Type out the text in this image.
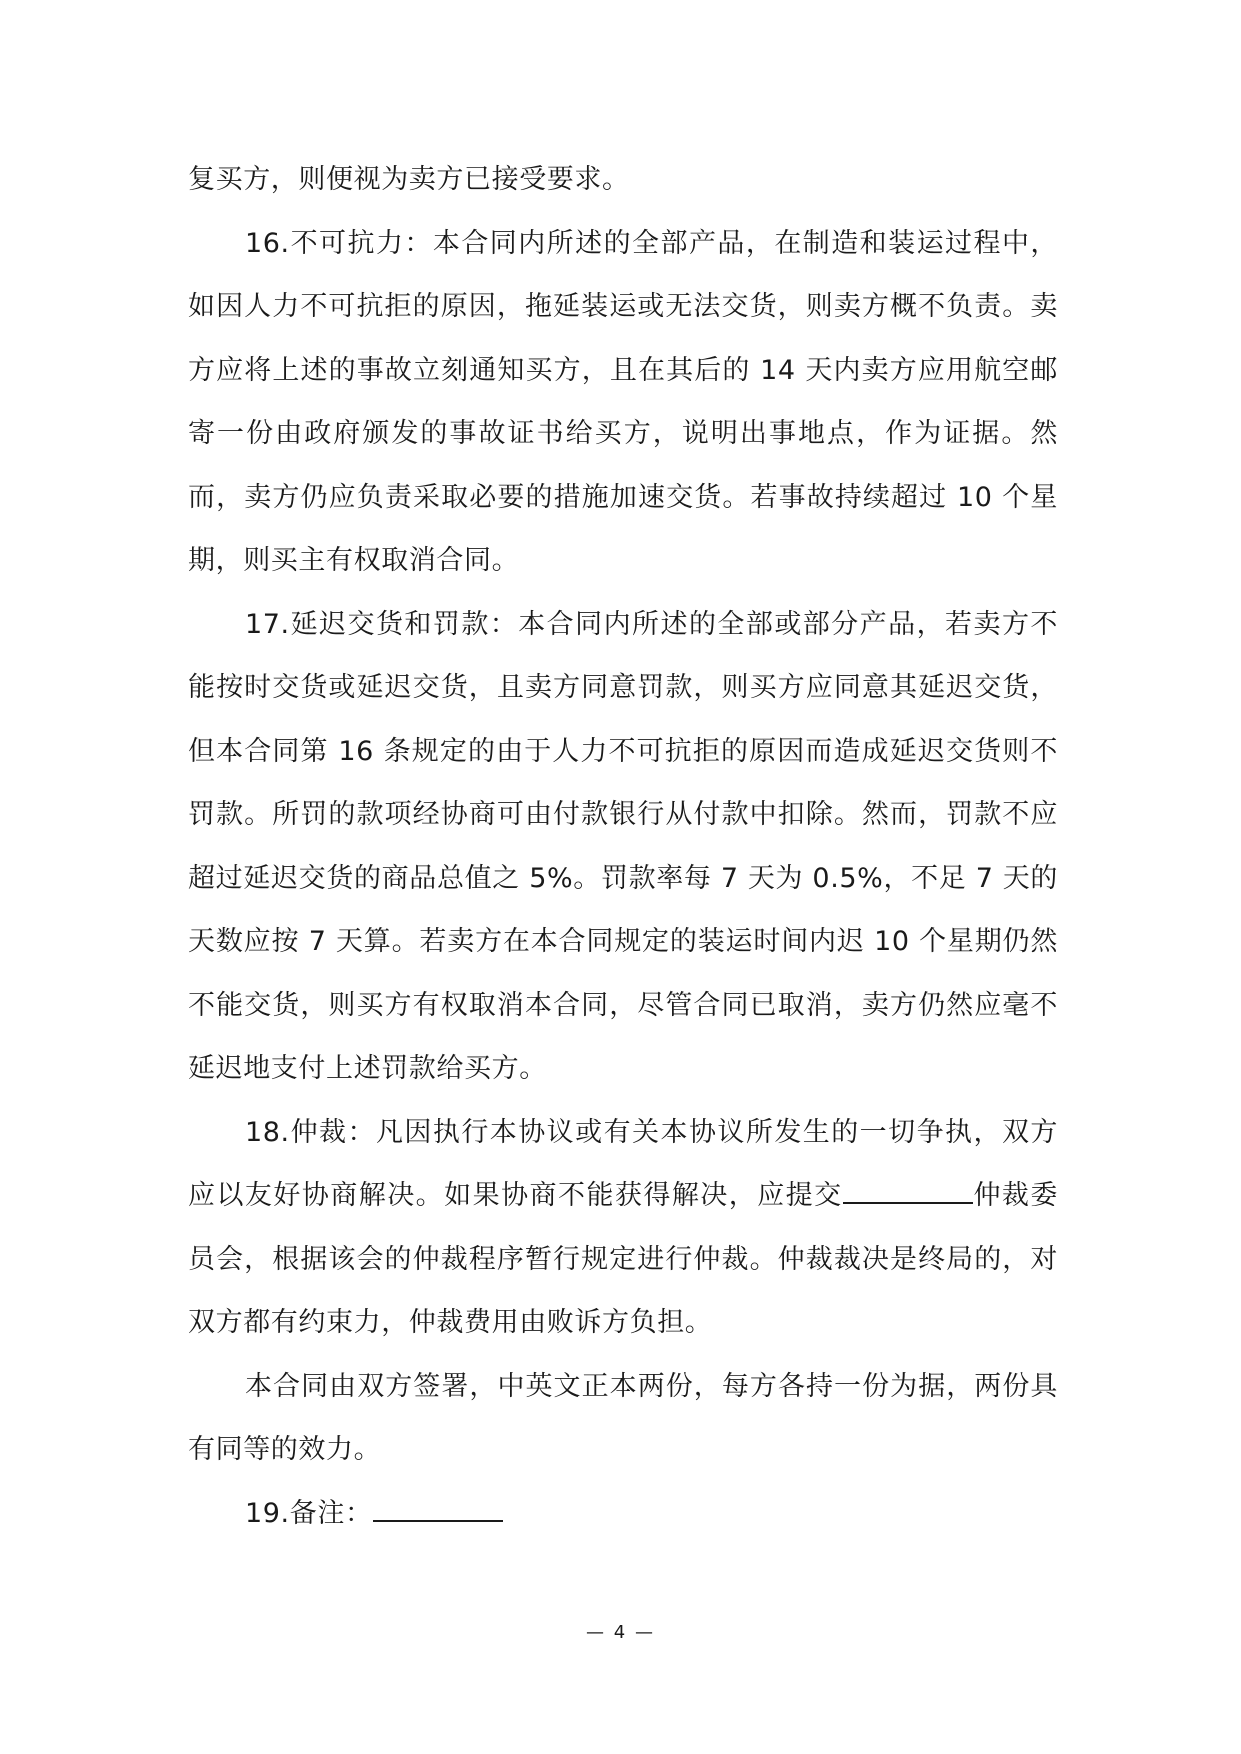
复买方，则便视为卖方已接受要求。

16.不可抗力：本合同内所述的全部产品，在制造和装运过程中，如因人力不可抗拒的原因，拖延装运或无法交货，则卖方概不负责。卖方应将上述的事故立刻通知买方，且在其后的 14 天内卖方应用航空邮寄一份由政府颁发的事故证书给买方，说明出事地点，作为证据。然而，卖方仍应负责采取必要的措施加速交货。若事故持续超过 10 个星期，则买主有权取消合同。

17.延迟交货和罚款：本合同内所述的全部或部分产品，若卖方不能按时交货或延迟交货，且卖方同意罚款，则买方应同意其延迟交货，但本合同第 16 条规定的由于人力不可抗拒的原因而造成延迟交货则不罚款。所罚的款项经协商可由付款银行从付款中扣除。然而，罚款不应超过延迟交货的商品总值之 5%。罚款率每 7 天为 0.5%，不足 7 天的天数应按 7 天算。若卖方在本合同规定的装运时间内迟 10 个星期仍然不能交货，则买方有权取消本合同，尽管合同已取消，卖方仍然应毫不延迟地支付上述罚款给买方。

18.仲裁：凡因执行本协议或有关本协议所发生的一切争执，双方应以友好协商解决。如果协商不能获得解决，应提交	仲裁委员会，根据该会的仲裁程序暂行规定进行仲裁。仲裁裁决是终局的，对双方都有约束力，仲裁费用由败诉方负担。

本合同由双方签署，中英文正本两份，每方各持一份为据，两份具有同等的效力。

19.备注：

— 4 —
